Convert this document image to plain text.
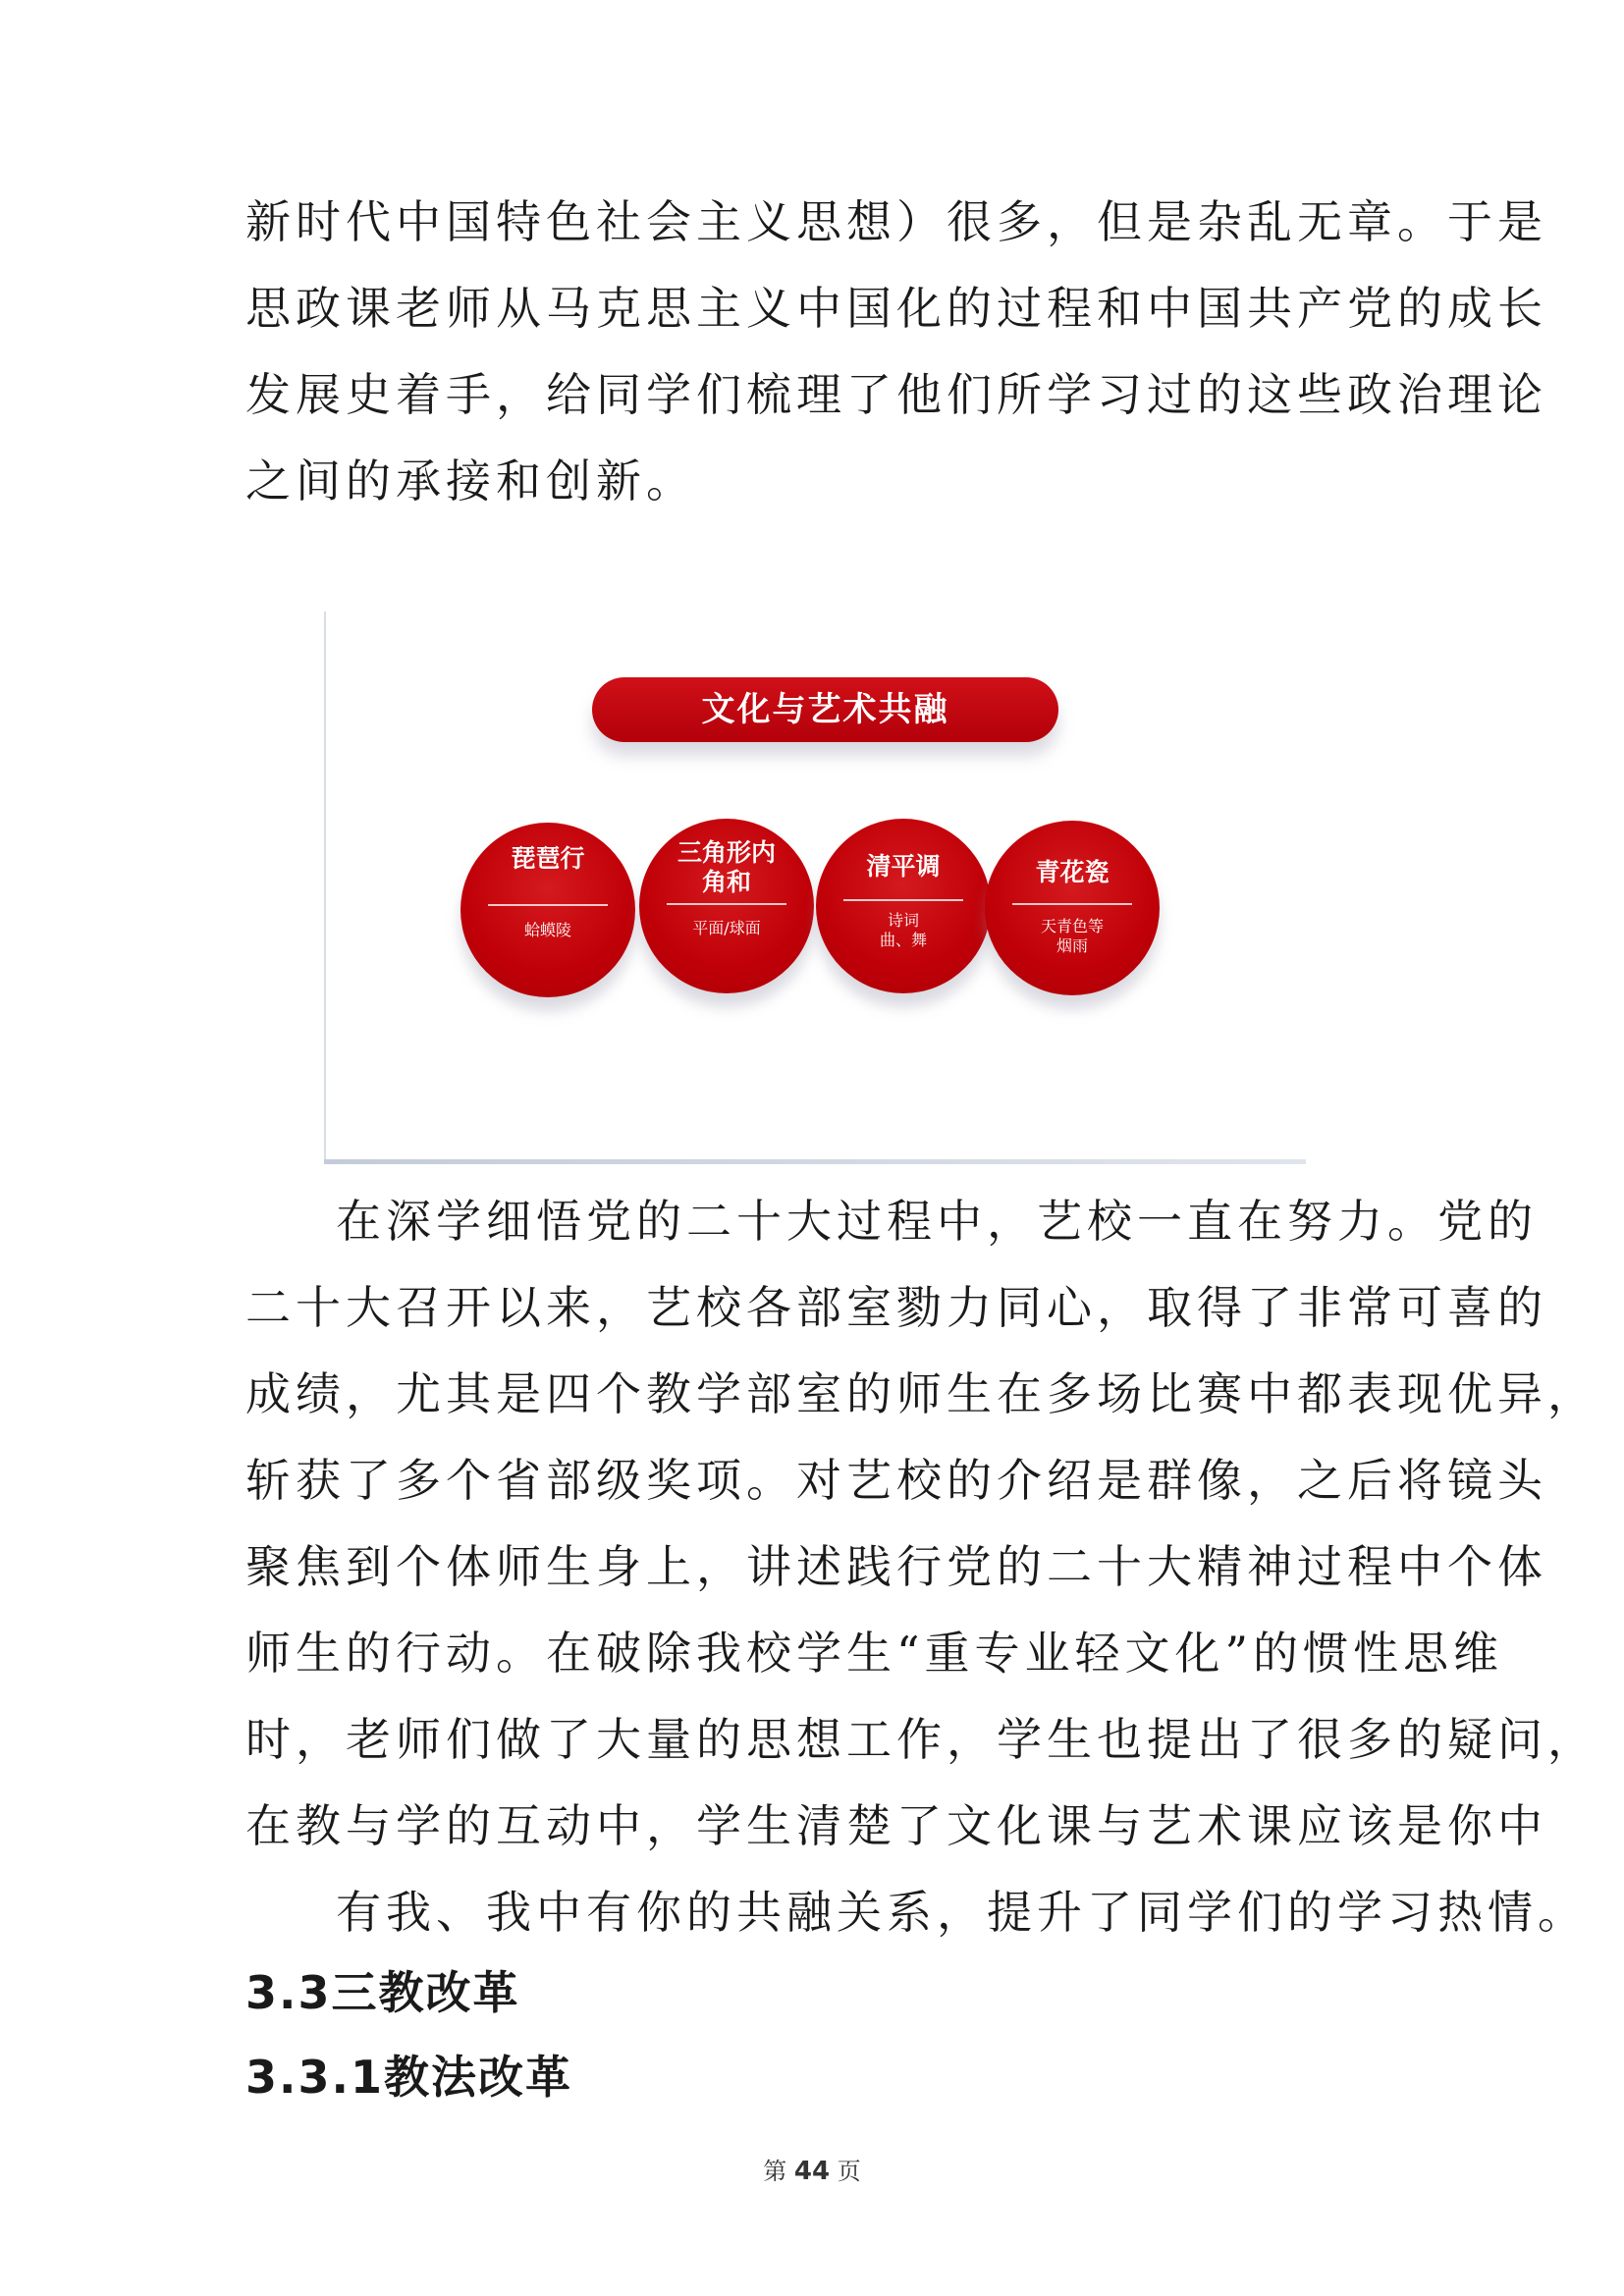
新时代中国特色社会主义思想）很多，但是杂乱无章。于是
思政课老师从马克思主义中国化的过程和中国共产党的成长
发展史着手，给同学们梳理了他们所学习过的这些政治理论
之间的承接和创新。
文化与艺术共融
琵琶行
蛤蟆陵
三角形内
角和
平面/球面
清平调
诗词
曲、舞
青花瓷
天青色等
烟雨
在深学细悟党的二十大过程中，艺校一直在努力。党的
二十大召开以来，艺校各部室勠力同心，取得了非常可喜的
成绩，尤其是四个教学部室的师生在多场比赛中都表现优异，
斩获了多个省部级奖项。对艺校的介绍是群像，之后将镜头
聚焦到个体师生身上，讲述践行党的二十大精神过程中个体
师生的行动。在破除我校学生“重专业轻文化”的惯性思维
时，老师们做了大量的思想工作，学生也提出了很多的疑问，
在教与学的互动中，学生清楚了文化课与艺术课应该是你中
有我、我中有你的共融关系，提升了同学们的学习热情。
3.3三教改革
3.3.1教法改革
第 44 页
